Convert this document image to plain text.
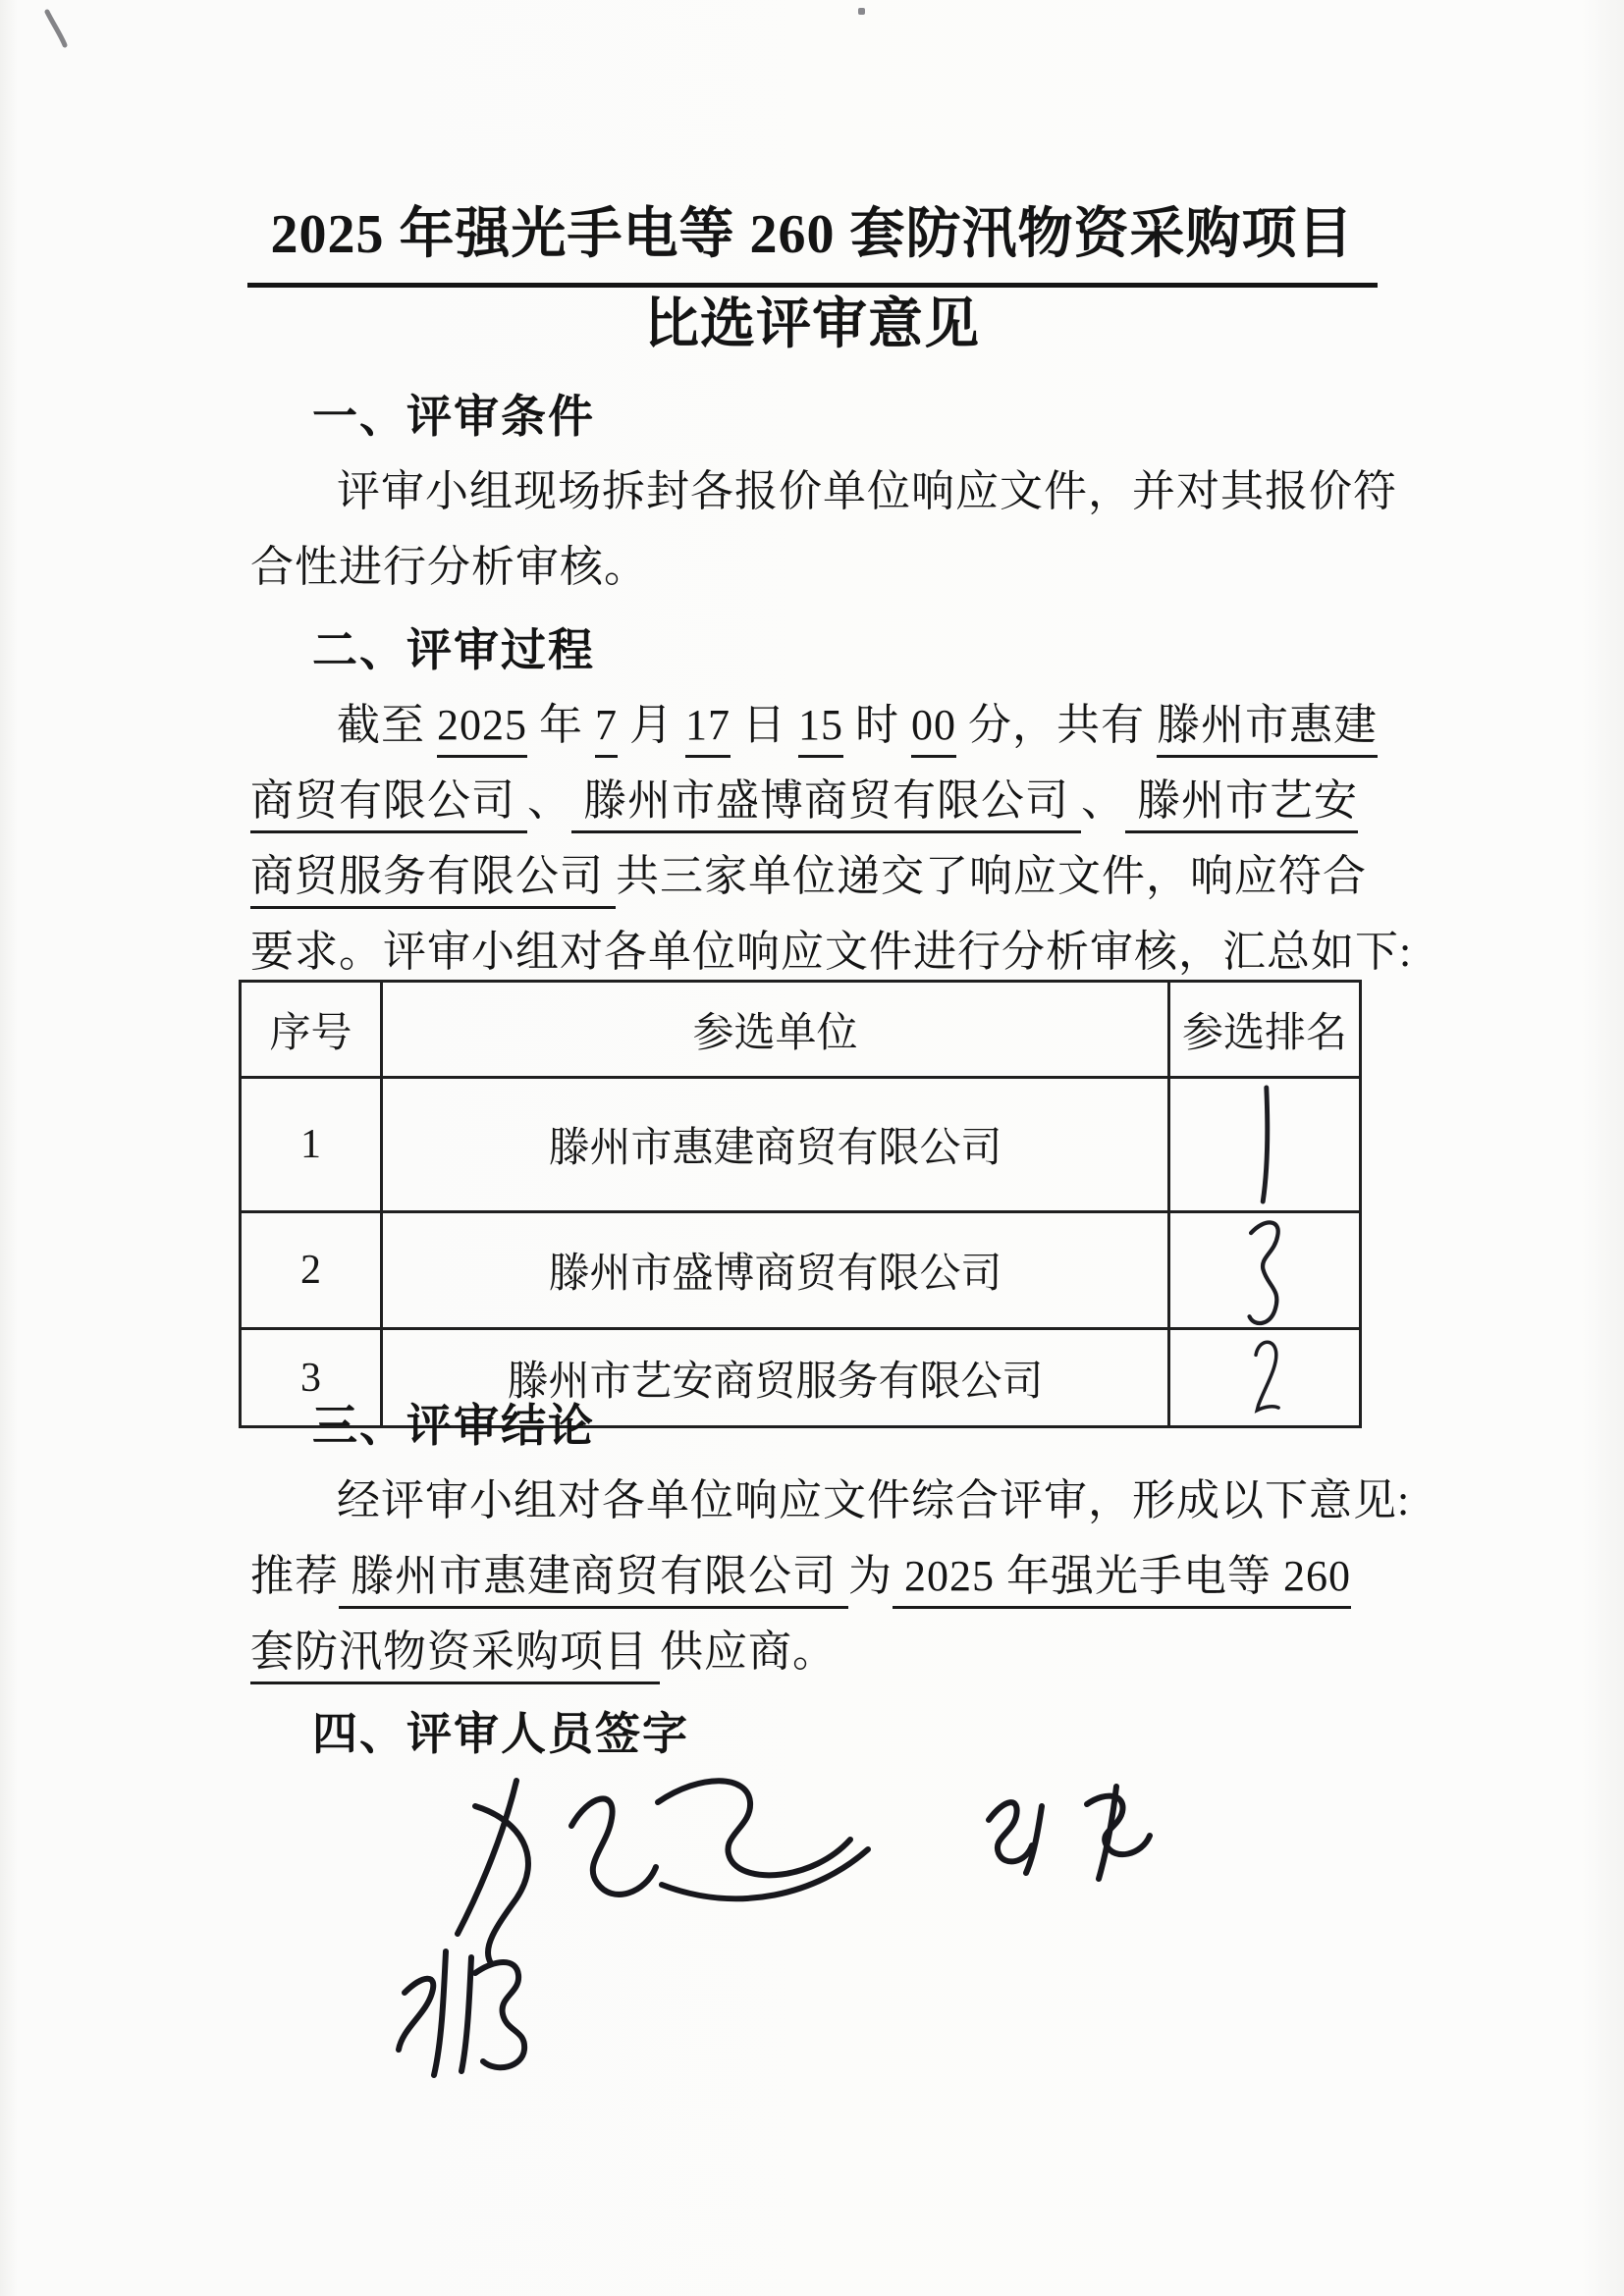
2025 年强光手电等 260 套防汛物资采购项目
比选评审意见
一、评审条件
评审小组现场拆封各报价单位响应文件，并对其报价符
合性进行分析审核。
二、评审过程
截至 2025 年 7 月 17 日 15 时 00 分，共有 滕州市惠建
商贸有限公司 、 滕州市盛博商贸有限公司 、 滕州市艺安
商贸服务有限公司 共三家单位递交了响应文件，响应符合
要求。评审小组对各单位响应文件进行分析审核，汇总如下:
序号	参选单位	参选排名
1	滕州市惠建商贸有限公司	

2	滕州市盛博商贸有限公司	

3	滕州市艺安商贸服务有限公司	
三、评审结论
经评审小组对各单位响应文件综合评审，形成以下意见:
推荐 滕州市惠建商贸有限公司 为 2025 年强光手电等 260
套防汛物资采购项目 供应商。
四、评审人员签字
